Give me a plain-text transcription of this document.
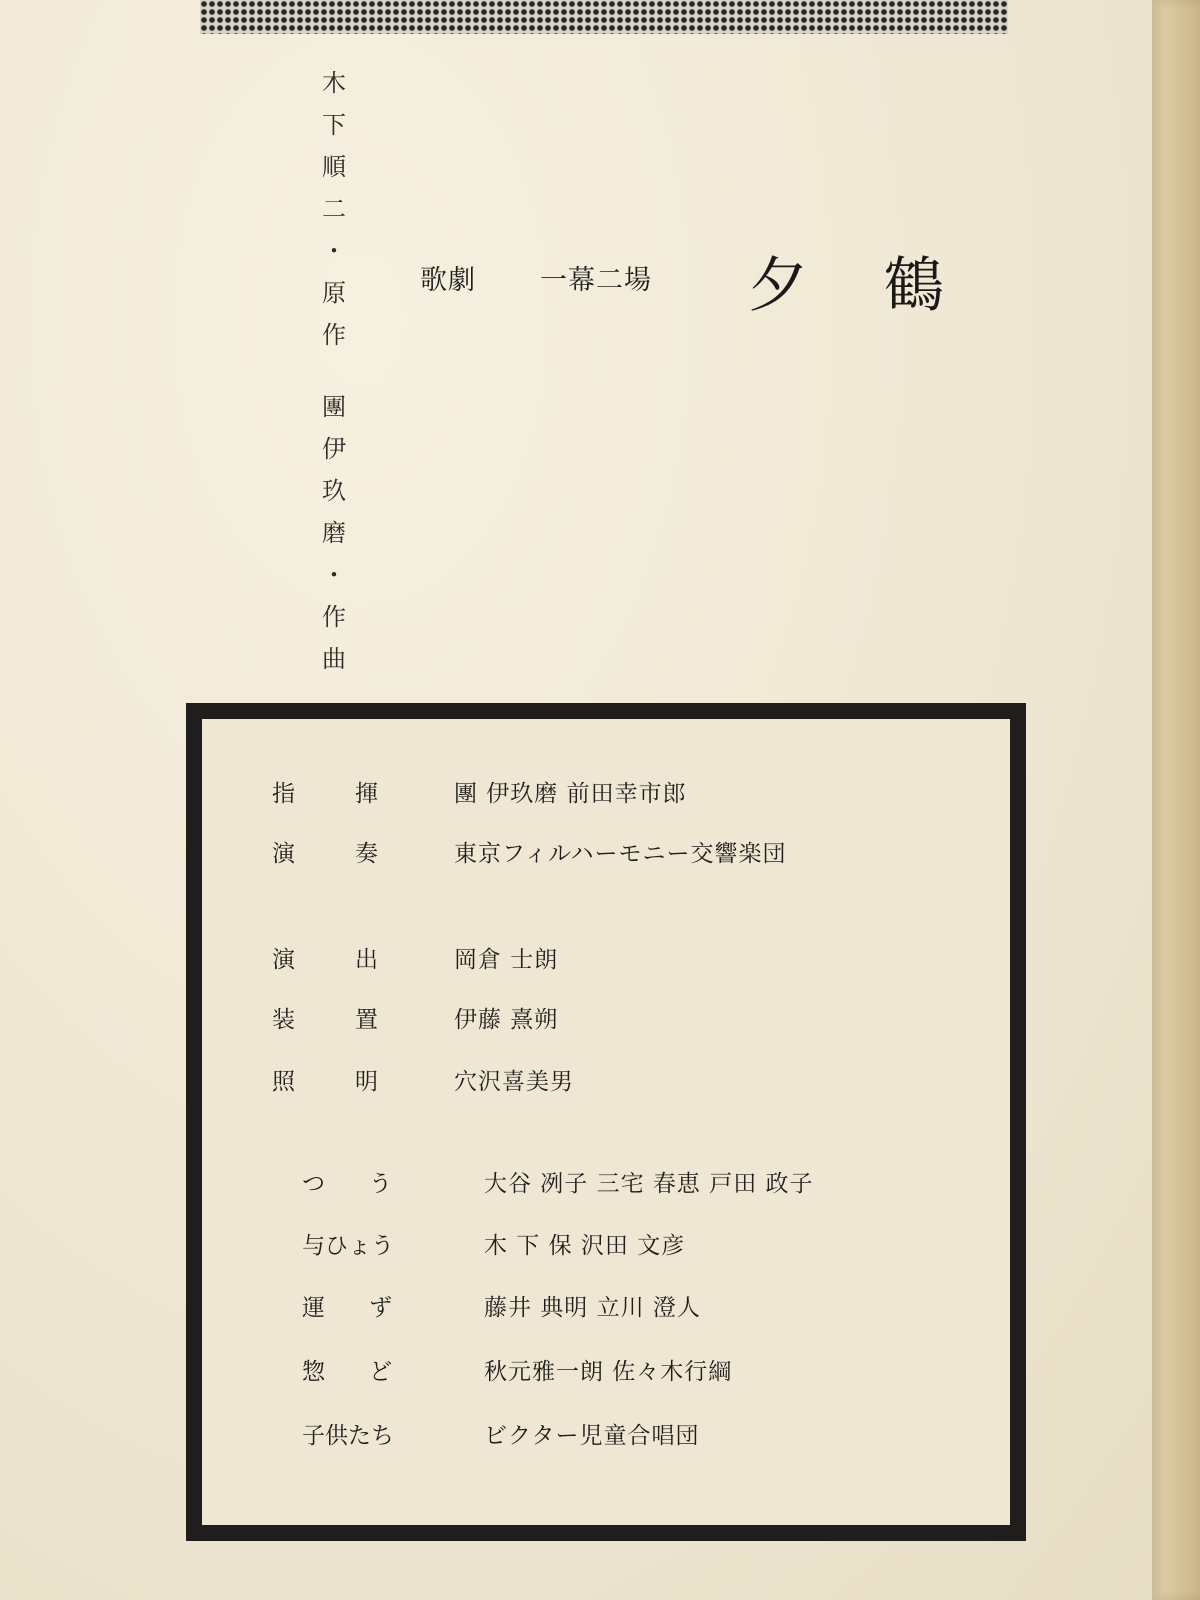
木
下
順
二
・
原
作
團
伊
玖
磨
・
作
曲
歌劇 一幕二場 夕鶴
指揮 團 伊玖磨 前田幸市郎
演奏 東京フィルハーモニー交響楽団
演出 岡倉 士朗
装置 伊藤 熹朔
照明 穴沢喜美男
つう 大谷 冽子 三宅 春恵 戸田 政子
与ひょう	木 下 保 沢田 文彦
運ず 藤井 典明 立川 澄人
惣ど 秋元雅一朗 佐々木行綱
子供たち	ビクター児童合唱団
